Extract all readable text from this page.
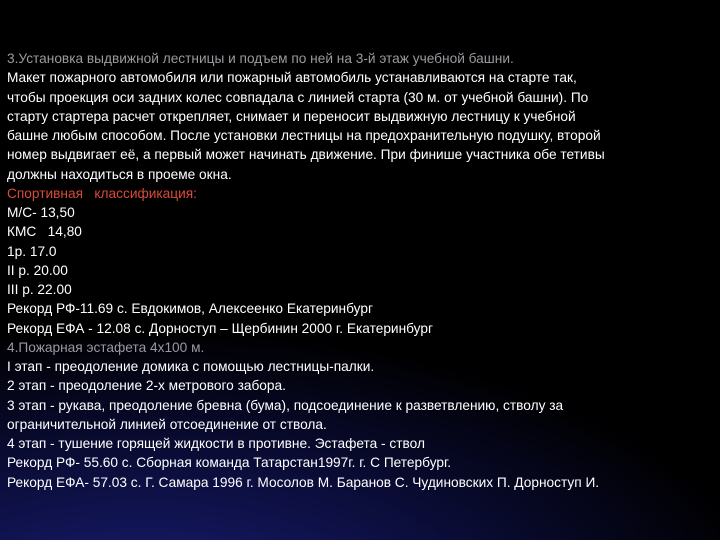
3.Установка выдвижной лестницы и подъем по ней на 3-й этаж учебной башни.
Макет пожарного автомобиля или пожарный автомобиль устанавливаются на старте так,
чтобы проекция оси задних колес совпадала с линией старта (30 м. от учебной башни). По
старту стартера расчет открепляет, снимает и переносит выдвижную лестницу к учебной
башне любым способом. После установки лестницы на предохранительную подушку, второй
номер выдвигает её, а первый может начинать движение. При финише участника обе тетивы
должны находиться в проеме окна.
Спортивная   классификация:
М/С- 13,50
КМС   14,80
1р. 17.0
II р. 20.00
III р. 22.00
Рекорд РФ-11.69 с. Евдокимов, Алексеенко Екатеринбург
Рекорд ЕФА - 12.08 с. Дорноступ – Щербинин 2000 г. Екатеринбург
4.Пожарная эстафета 4х100 м.
I этап - преодоление домика с помощью лестницы-палки.
2 этап - преодоление 2-х метрового забора.
3 этап - рукава, преодоление бревна (бума), подсоединение к разветвлению, стволу за
ограничительной линией отсоединение от ствола.
4 этап - тушение горящей жидкости в противне. Эстафета - ствол
Рекорд РФ- 55.60 с. Сборная команда Татарстан1997г. г. С Петербург.
Рекорд ЕФА- 57.03 с. Г. Самара 1996 г. Мосолов М. Баранов С. Чудиновских П. Дорноступ И.
